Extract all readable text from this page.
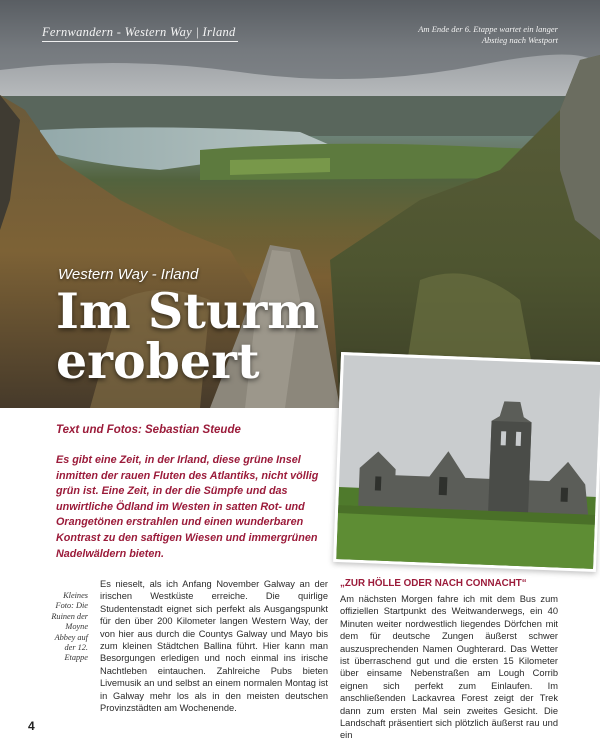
Fernwandern - Western Way | Irland	Am Ende der 6. Etappe wartet ein langer Abstieg nach Westport
Western Way - Irland
Im Sturm
erobert
Text und Fotos: Sebastian Steude
Es gibt eine Zeit, in der Irland, diese grüne Insel inmitten der rauen Fluten des Atlantiks, nicht völlig grün ist. Eine Zeit, in der die Sümpfe und das unwirtliche Ödland im Westen in satten Rot- und Orangetönen erstrahlen und einen wunderbaren Kontrast zu den saftigen Wiesen und immergrünen Nadelwäldern bieten.
Kleines Foto: Die Ruinen der Moyne Abbey auf der 12. Etappe
Es nieselt, als ich Anfang November Galway an der irischen Westküste erreiche. Die quirlige Studentenstadt eignet sich perfekt als Ausgangspunkt für den über 200 Kilometer langen Western Way, der von hier aus durch die Countys Galway und Mayo bis zum kleinen Städtchen Ballina führt. Hier kann man Besorgungen erledigen und noch einmal ins irische Nachtleben eintauchen. Zahlreiche Pubs bieten Livemusik an und selbst an einem normalen Montag ist in Galway mehr los als in den meisten deutschen Provinzstädten am Wochenende.
„ZUR HÖLLE ODER NACH CONNACHT“
Am nächsten Morgen fahre ich mit dem Bus zum offiziellen Startpunkt des Weitwanderwegs, ein 40 Minuten weiter nordwestlich liegendes Dörfchen mit dem für deutsche Zungen äußerst schwer auszusprechenden Namen Oughterard. Das Wetter ist überraschend gut und die ersten 15 Kilometer über einsame Nebenstraßen am Lough Corrib eignen sich perfekt zum Einlaufen. Im anschließenden Lackavrea Forest zeigt der Trek dann zum ersten Mal sein zweites Gesicht. Die Landschaft präsentiert sich plötzlich äußerst rau und ein
4
